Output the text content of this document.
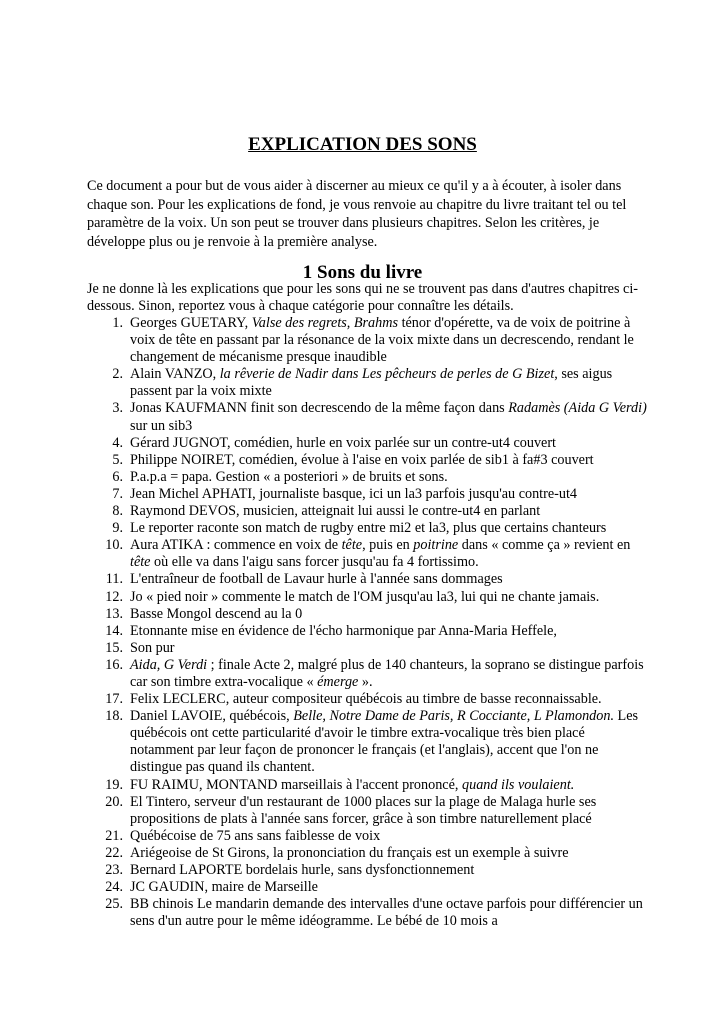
EXPLICATION DES SONS

Ce document a pour but de vous aider à discerner au mieux ce qu'il y a à écouter, à isoler dans chaque son. Pour les explications de fond, je vous renvoie au chapitre du livre traitant tel ou tel paramètre de la voix. Un son peut se trouver dans plusieurs chapitres. Selon les critères, je développe plus ou je renvoie à la première analyse.

1 Sons du livre

Je ne donne là les explications que pour les sons qui ne se trouvent pas dans d'autres chapitres ci-dessous. Sinon, reportez vous à chaque catégorie pour connaître les détails.

1. Georges GUETARY, Valse des regrets, Brahms ténor d'opérette, va de voix de poitrine à voix de tête en passant par la résonance de la voix mixte dans un decrescendo, rendant le changement de mécanisme presque inaudible
2. Alain VANZO, la rêverie de Nadir dans Les pêcheurs de perles de G Bizet, ses aigus passent par la voix mixte
3. Jonas KAUFMANN finit son decrescendo de la même façon dans Radamès (Aida G Verdi) sur un sib3
4. Gérard JUGNOT, comédien, hurle en voix parlée sur un contre-ut4 couvert
5. Philippe NOIRET, comédien, évolue à l'aise en voix parlée de sib1 à fa#3 couvert
6. P.a.p.a = papa. Gestion « a posteriori » de bruits et sons.
7. Jean Michel APHATI, journaliste basque, ici un la3 parfois jusqu'au contre-ut4
8. Raymond DEVOS, musicien, atteignait lui aussi le contre-ut4 en parlant
9. Le reporter raconte son match de rugby entre mi2 et la3, plus que certains chanteurs
10. Aura ATIKA : commence en voix de tête, puis en poitrine dans « comme ça » revient en tête où elle va dans l'aigu sans forcer jusqu'au fa 4 fortissimo.
11. L'entraîneur de football de Lavaur hurle à l'année sans dommages
12. Jo « pied noir » commente le match de l'OM jusqu'au la3, lui qui ne chante jamais.
13. Basse Mongol descend au la 0
14. Etonnante mise en évidence de l'écho harmonique par Anna-Maria Heffele,
15. Son pur
16. Aida, G Verdi ; finale Acte 2, malgré plus de 140 chanteurs, la soprano se distingue parfois car son timbre extra-vocalique « émerge ».
17. Felix LECLERC, auteur compositeur québécois au timbre de basse reconnaissable.
18. Daniel LAVOIE, québécois, Belle, Notre Dame de Paris, R Cocciante, L Plamondon. Les québécois ont cette particularité d'avoir le timbre extra-vocalique très bien placé notamment par leur façon de prononcer le français (et l'anglais), accent que l'on ne distingue pas quand ils chantent.
19. FU RAIMU, MONTAND marseillais à l'accent prononcé, quand ils voulaient.
20. El Tintero, serveur d'un restaurant de 1000 places sur la plage de Malaga hurle ses propositions de plats à l'année sans forcer, grâce à son timbre naturellement placé
21. Québécoise de 75 ans sans faiblesse de voix
22. Ariégeoise de St Girons, la prononciation du français est un exemple à suivre
23. Bernard LAPORTE bordelais hurle, sans dysfonctionnement
24. JC GAUDIN, maire de Marseille
25. BB chinois Le mandarin demande des intervalles d'une octave parfois pour différencier un sens d'un autre pour le même idéogramme. Le bébé de 10 mois a
